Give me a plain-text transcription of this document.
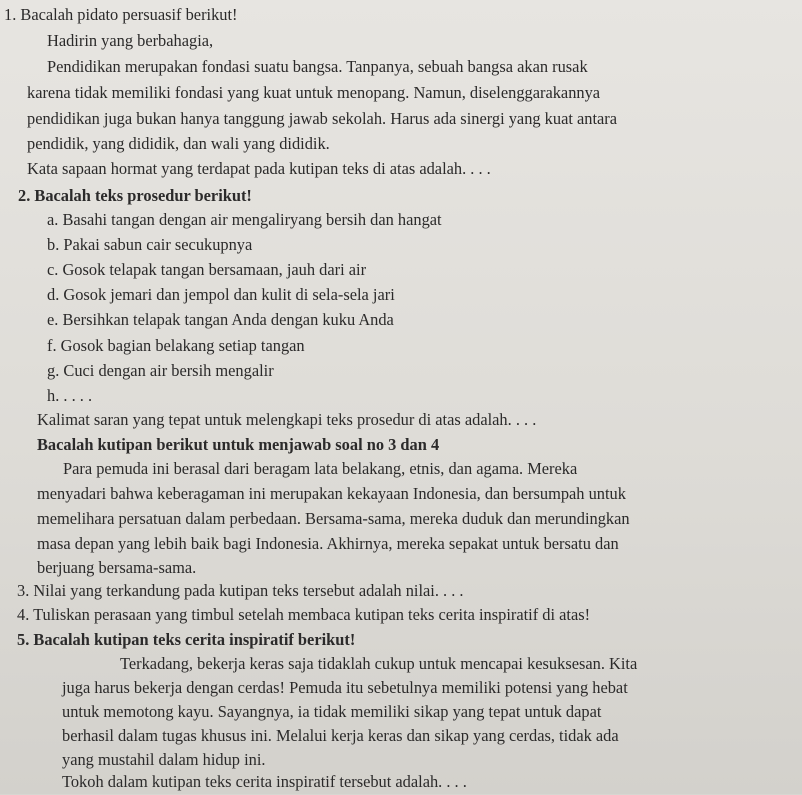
1. Bacalah pidato persuasif berikut!
Hadirin yang berbahagia,
Pendidikan merupakan fondasi suatu bangsa. Tanpanya, sebuah bangsa akan rusak
karena tidak memiliki fondasi yang kuat untuk menopang. Namun, diselenggarakannya
pendidikan juga bukan hanya tanggung jawab sekolah. Harus ada sinergi yang kuat antara
pendidik, yang dididik, dan wali yang dididik.
Kata sapaan hormat yang terdapat pada kutipan teks di atas adalah. . . .
2. Bacalah teks prosedur berikut!
a. Basahi tangan dengan air mengaliryang bersih dan hangat
b. Pakai sabun cair secukupnya
c. Gosok telapak tangan bersamaan, jauh dari air
d. Gosok jemari dan jempol dan kulit di sela-sela jari
e. Bersihkan telapak tangan Anda dengan kuku Anda
f. Gosok bagian belakang setiap tangan
g. Cuci dengan air bersih mengalir
h. . . . .
Kalimat saran yang tepat untuk melengkapi teks prosedur di atas adalah. . . .
Bacalah kutipan berikut untuk menjawab soal no 3 dan 4
Para pemuda ini berasal dari beragam lata belakang, etnis, dan agama. Mereka
menyadari bahwa keberagaman ini merupakan kekayaan Indonesia, dan bersumpah untuk
memelihara persatuan dalam perbedaan. Bersama-sama, mereka duduk dan merundingkan
masa depan yang lebih baik bagi Indonesia. Akhirnya, mereka sepakat untuk bersatu dan
berjuang bersama-sama.
3. Nilai yang terkandung pada kutipan teks tersebut adalah nilai. . . .
4. Tuliskan perasaan yang timbul setelah membaca kutipan teks cerita inspiratif di atas!
5. Bacalah kutipan teks cerita inspiratif berikut!
Terkadang, bekerja keras saja tidaklah cukup untuk mencapai kesuksesan. Kita
juga harus bekerja dengan cerdas! Pemuda itu sebetulnya memiliki potensi yang hebat
untuk memotong kayu. Sayangnya, ia tidak memiliki sikap yang tepat untuk dapat
berhasil dalam tugas khusus ini. Melalui kerja keras dan sikap yang cerdas, tidak ada
yang mustahil dalam hidup ini.
Tokoh dalam kutipan teks cerita inspiratif tersebut adalah. . . .
